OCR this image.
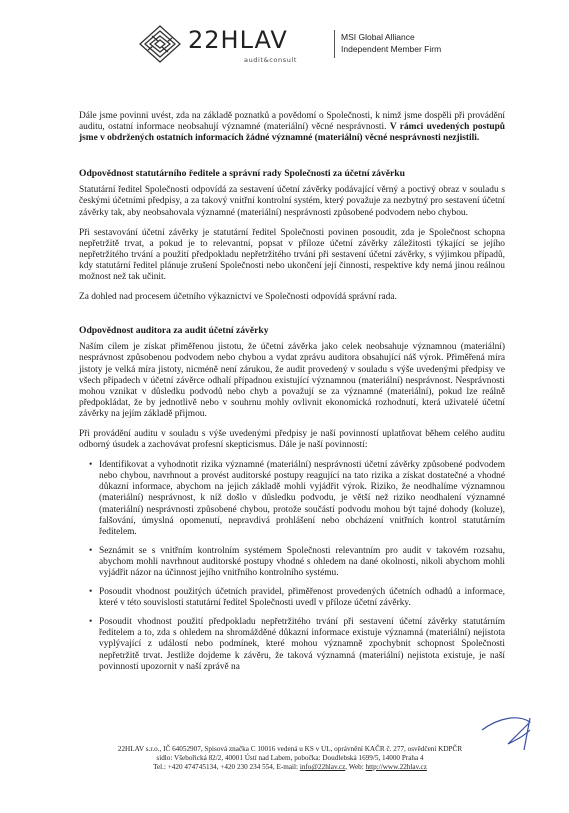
22HLAV
audit&consult
MSI Global Alliance
Independent Member Firm

Dále jsme povinni uvést, zda na základě poznatků a povědomí o Společnosti, k nimž jsme dospěli při provádění auditu, ostatní informace neobsahují významné (materiální) věcné nesprávnosti. V rámci uvedených postupů jsme v obdržených ostatních informacích žádné významné (materiální) věcné nesprávnosti nezjistili.

Odpovědnost statutárního ředitele a správní rady Společnosti za účetní závěrku

Statutární ředitel Společnosti odpovídá za sestavení účetní závěrky podávající věrný a poctivý obraz v souladu s českými účetními předpisy, a za takový vnitřní kontrolní systém, který považuje za nezbytný pro sestavení účetní závěrky tak, aby neobsahovala významné (materiální) nesprávnosti způsobené podvodem nebo chybou.

Při sestavování účetní závěrky je statutární ředitel Společnosti povinen posoudit, zda je Společnost schopna nepřetržitě trvat, a pokud je to relevantní, popsat v příloze účetní závěrky záležitosti týkající se jejího nepřetržitého trvání a použití předpokladu nepřetržitého trvání při sestavení účetní závěrky, s výjimkou případů, kdy statutární ředitel plánuje zrušení Společnosti nebo ukončení její činnosti, respektive kdy nemá jinou reálnou možnost než tak učinit.

Za dohled nad procesem účetního výkaznictví ve Společnosti odpovídá správní rada.

Odpovědnost auditora za audit účetní závěrky

Naším cílem je získat přiměřenou jistotu, že účetní závěrka jako celek neobsahuje významnou (materiální) nesprávnost způsobenou podvodem nebo chybou a vydat zprávu auditora obsahující náš výrok. Přiměřená míra jistoty je velká míra jistoty, nicméně není zárukou, že audit provedený v souladu s výše uvedenými předpisy ve všech případech v účetní závěrce odhalí případnou existující významnou (materiální) nesprávnost. Nesprávnosti mohou vznikat v důsledku podvodů nebo chyb a považují se za významné (materiální), pokud lze reálně předpokládat, že by jednotlivě nebo v souhrnu mohly ovlivnit ekonomická rozhodnutí, která uživatelé účetní závěrky na jejím základě přijmou.

Při provádění auditu v souladu s výše uvedenými předpisy je naší povinností uplatňovat během celého auditu odborný úsudek a zachovávat profesní skepticismus. Dále je naší povinností:

• Identifikovat a vyhodnotit rizika významné (materiální) nesprávnosti účetní závěrky způsobené podvodem nebo chybou, navrhnout a provést auditorské postupy reagující na tato rizika a získat dostatečné a vhodné důkazní informace, abychom na jejich základě mohli vyjádřit výrok. Riziko, že neodhalíme významnou (materiální) nesprávnost, k níž došlo v důsledku podvodu, je větší než riziko neodhalení významné (materiální) nesprávnosti způsobené chybou, protože součástí podvodu mohou být tajné dohody (koluze), falšování, úmyslná opomenutí, nepravdivá prohlášení nebo obcházení vnitřních kontrol statutárním ředitelem.
• Seznámit se s vnitřním kontrolním systémem Společnosti relevantním pro audit v takovém rozsahu, abychom mohli navrhnout auditorské postupy vhodné s ohledem na dané okolnosti, nikoli abychom mohli vyjádřit názor na účinnost jejího vnitřního kontrolního systému.
• Posoudit vhodnost použitých účetních pravidel, přiměřenost provedených účetních odhadů a informace, které v této souvislosti statutární ředitel Společnosti uvedl v příloze účetní závěrky.
• Posoudit vhodnost použití předpokladu nepřetržitého trvání při sestavení účetní závěrky statutárním ředitelem a to, zda s ohledem na shromážděné důkazní informace existuje významná (materiální) nejistota vyplývající z událostí nebo podmínek, které mohou významně zpochybnit schopnost Společnosti nepřetržitě trvat. Jestliže dojdeme k závěru, že taková významná (materiální) nejistota existuje, je naší povinností upozornit v naší zprávě na
22HLAV s.r.o., IČ 64052907, Spisová značka C 10016 vedená u KS v UL, oprávnění KAČR č. 277, osvědčení KDPČR
sídlo: Všebořická 82/2, 40001 Ústí nad Labem, pobočka: Doudlebská 1699/5, 14000 Praha 4
Tel.: +420 474745134, +420 230 234 554, E-mail: info@22hlav.cz, Web: http://www.22hlav.cz
